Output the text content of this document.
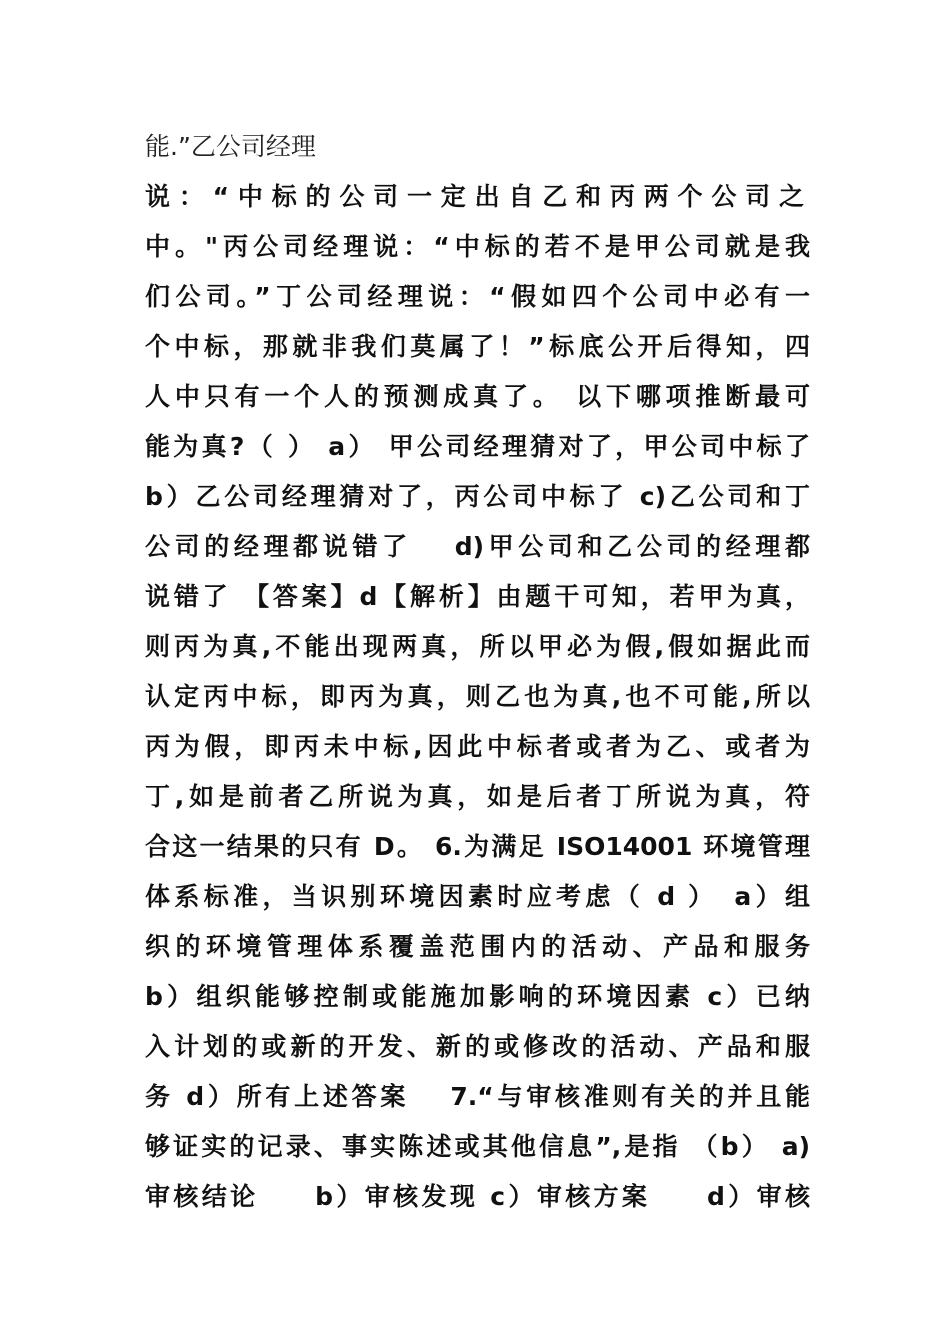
能.”乙公司经理
说：“中标的公司一定出自乙和丙两个公司之
中。"丙公司经理说：“中标的若不是甲公司就是我
们公司。”丁公司经理说：“假如四个公司中必有一
个中标，那就非我们莫属了！”标底公开后得知，四
人中只有一个人的预测成真了。 以下哪项推断最可
能为真?（ ） a） 甲公司经理猜对了，甲公司中标了
b）乙公司经理猜对了，丙公司中标了 c)乙公司和丁
公司的经理都说错了　 d)甲公司和乙公司的经理都
说错了 【答案】d【解析】由题干可知，若甲为真，
则丙为真,不能出现两真，所以甲必为假,假如据此而
认定丙中标，即丙为真，则乙也为真,也不可能,所以
丙为假，即丙未中标,因此中标者或者为乙、或者为
丁,如是前者乙所说为真，如是后者丁所说为真，符
合这一结果的只有 D。 6.为满足 ISO14001 环境管理
体系标准，当识别环境因素时应考虑（ d ）　a）组
织的环境管理体系覆盖范围内的活动、产品和服务
b）组织能够控制或能施加影响的环境因素 c）已纳
入计划的或新的开发、新的或修改的活动、产品和服
务 d）所有上述答案　 7.“与审核准则有关的并且能
够证实的记录、事实陈述或其他信息”,是指 （b） a)
审核结论　　b）审核发现 c）审核方案　　d）审核
